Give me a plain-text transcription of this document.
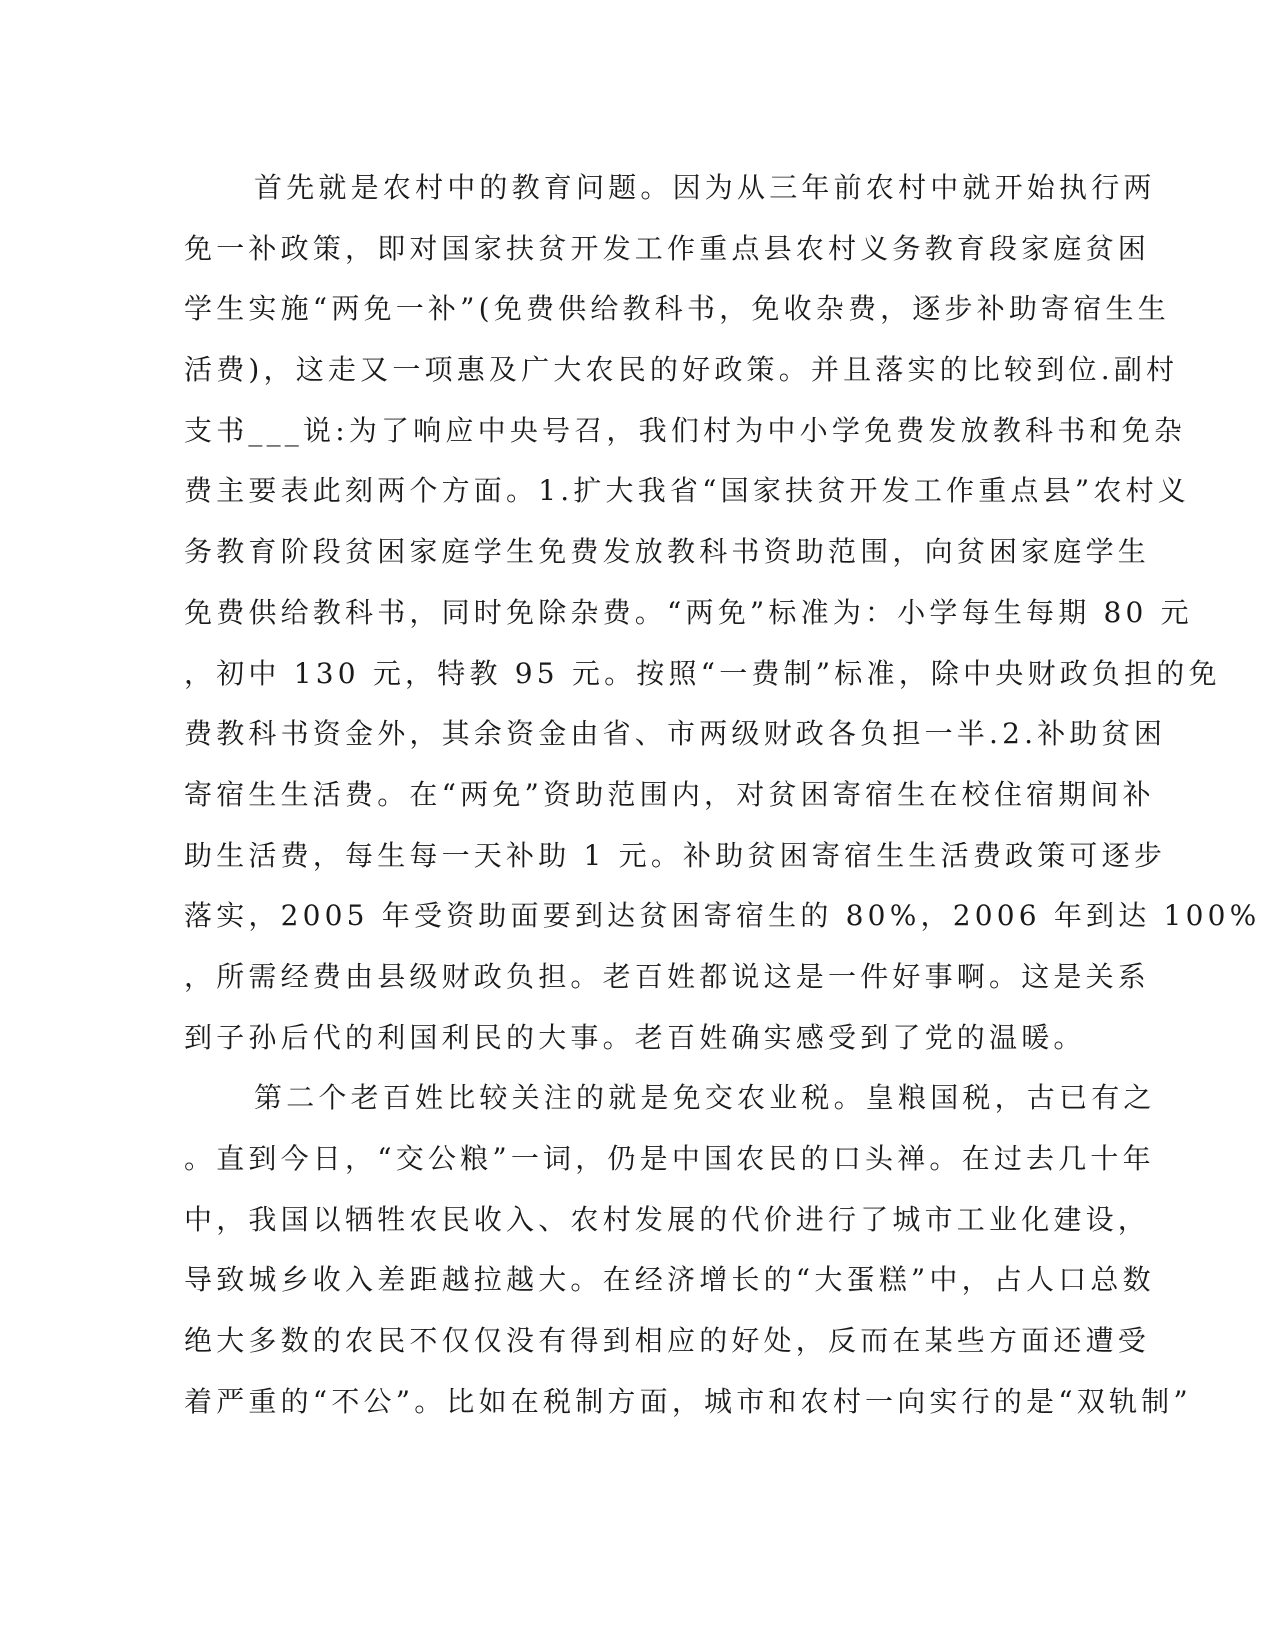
首先就是农村中的教育问题。因为从三年前农村中就开始执行两
免一补政策，即对国家扶贫开发工作重点县农村义务教育段家庭贫困
学生实施“两免一补”(免费供给教科书，免收杂费，逐步补助寄宿生生
活费)，这走又一项惠及广大农民的好政策。并且落实的比较到位.副村
支书___说:为了响应中央号召，我们村为中小学免费发放教科书和免杂
费主要表此刻两个方面。1.扩大我省“国家扶贫开发工作重点县”农村义
务教育阶段贫困家庭学生免费发放教科书资助范围，向贫困家庭学生
免费供给教科书，同时免除杂费。“两免”标准为：小学每生每期 80 元
，初中 130 元，特教 95 元。按照“一费制”标准，除中央财政负担的免
费教科书资金外，其余资金由省、市两级财政各负担一半.2.补助贫困
寄宿生生活费。在“两免”资助范围内，对贫困寄宿生在校住宿期间补
助生活费，每生每一天补助 1 元。补助贫困寄宿生生活费政策可逐步
落实，2005 年受资助面要到达贫困寄宿生的 80%，2006 年到达 100%
，所需经费由县级财政负担。老百姓都说这是一件好事啊。这是关系
到子孙后代的利国利民的大事。老百姓确实感受到了党的温暖。
第二个老百姓比较关注的就是免交农业税。皇粮国税，古已有之
。直到今日，“交公粮”一词，仍是中国农民的口头禅。在过去几十年
中，我国以牺牲农民收入、农村发展的代价进行了城市工业化建设，
导致城乡收入差距越拉越大。在经济增长的“大蛋糕”中，占人口总数
绝大多数的农民不仅仅没有得到相应的好处，反而在某些方面还遭受
着严重的“不公”。比如在税制方面，城市和农村一向实行的是“双轨制”
